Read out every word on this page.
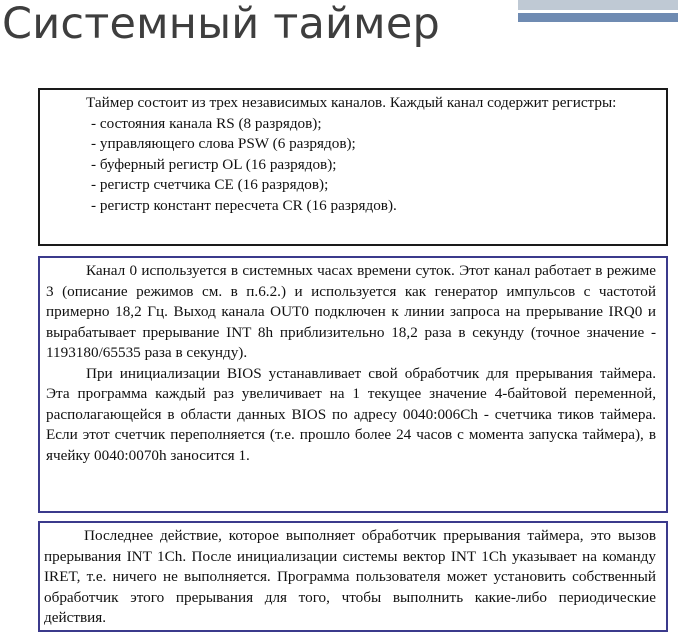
Системный таймер

Таймер состоит из трех независимых каналов. Каждый канал содержит регистры:

- состояния канала RS (8 разрядов);
- управляющего слова PSW (6 разрядов);
- буферный регистр OL (16 разрядов);
- регистр счетчика CE (16 разрядов);
- регистр констант пересчета CR (16 разрядов).

Канал 0 используется в системных часах времени суток. Этот канал работает в режиме 3 (описание режимов см. в п.6.2.) и используется как генератор импульсов с частотой примерно 18,2 Гц. Выход канала OUT0 подключен к линии запроса на прерывание IRQ0 и вырабатывает прерывание INT 8h приблизительно 18,2 раза в секунду (точное значение - 1193180/65535 раза в секунду).

При инициализации BIOS устанавливает свой обработчик для прерывания таймера. Эта программа каждый раз увеличивает на 1 текущее значение 4-байтовой переменной, располагающейся в области данных BIOS по адресу 0040:006Ch - счетчика тиков таймера. Если этот счетчик переполняется (т.е. прошло более 24 часов с момента запуска таймера), в ячейку 0040:0070h заносится 1.

Последнее действие, которое выполняет обработчик прерывания таймера, это вызов прерывания INT 1Ch. После инициализации системы вектор INT 1Ch указывает на команду IRET, т.е. ничего не выполняется. Программа пользователя может установить собственный обработчик этого прерывания для того, чтобы выполнить какие-либо периодические действия.
